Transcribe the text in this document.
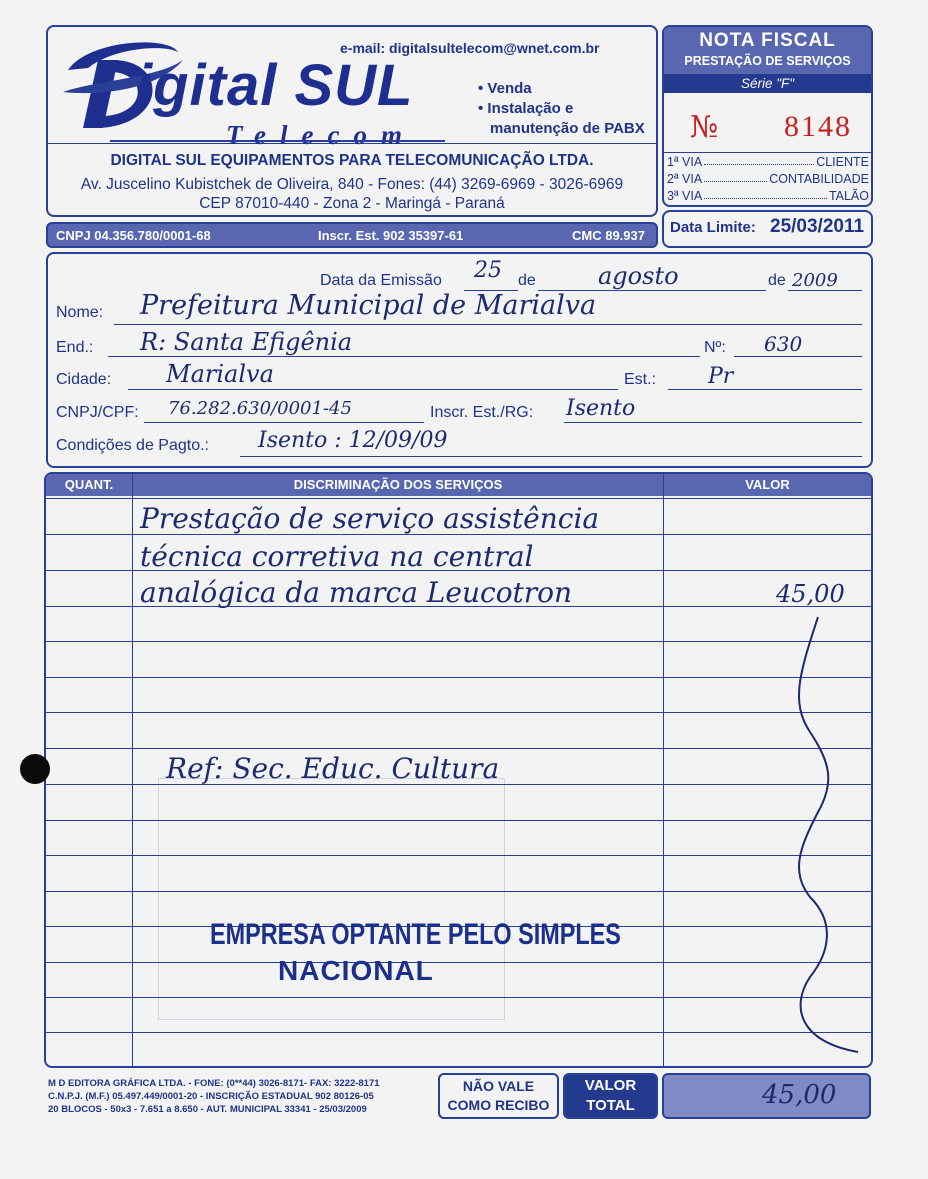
igital SUL
Telecom
e-mail: digitalsultelecom@wnet.com.br
• Venda
• Instalação e
manutenção de PABX
DIGITAL SUL EQUIPAMENTOS PARA TELECOMUNICAÇÃO LTDA.
Av. Juscelino Kubistchek de Oliveira, 840 - Fones: (44) 3269-6969 - 3026-6969
CEP 87010-440 - Zona 2 - Maringá - Paraná
CNPJ 04.356.780/0001-68	Inscr. Est. 902 35397-61	CMC 89.937
NOTA FISCAL
PRESTAÇÃO DE SERVIÇOS
Série "F"
№ 8148
1ª VIA	CLIENTE
2ª VIA	CONTABILIDADE
3ª VIA	TALÃO
Data Limite: 25/03/2011
Data da Emissão 25 de	agosto	de 2009
Nome: Prefeitura Municipal de Marialva
End.: R: Santa Efigênia	Nº: 630
Cidade: Marialva	Est.: Pr
CNPJ/CPF: 76.282.630/0001-45	Inscr. Est./RG: Isento
Condições de Pagto.: Isento : 12/09/09
QUANT.	DISCRIMINAÇÃO DOS SERVIÇOS	VALOR
Prestação de serviço assistência
técnica corretiva na central
analógica da marca Leucotron	45,00
Ref: Sec. Educ. Cultura
EMPRESA OPTANTE PELO SIMPLES
NACIONAL
M D EDITORA GRÁFICA LTDA. - FONE: (0**44) 3026-8171- FAX: 3222-8171
C.N.P.J. (M.F.) 05.497.449/0001-20 - INSCRIÇÃO ESTADUAL 902 80126-05
20 BLOCOS - 50x3 - 7.651 a 8.650 - AUT. MUNICIPAL 33341 - 25/03/2009
NÃO VALE
COMO RECIBO
VALOR
TOTAL	45,00
